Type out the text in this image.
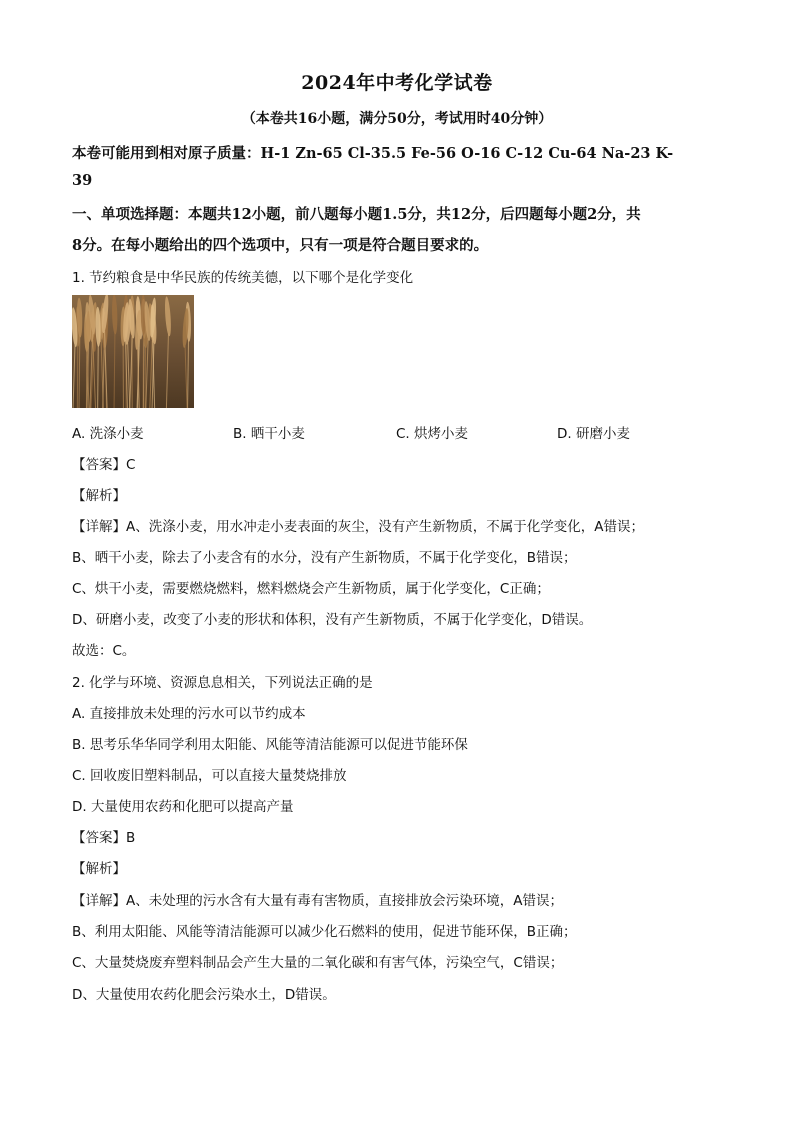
2024年中考化学试卷
（本卷共16小题，满分50分，考试用时40分钟）
本卷可能用到相对原子质量：H-1 Zn-65 Cl-35.5 Fe-56 O-16 C-12 Cu-64 Na-23 K-
39
一、单项选择题：本题共12小题，前八题每小题1.5分，共12分，后四题每小题2分，共
8分。在每小题给出的四个选项中，只有一项是符合题目要求的。
1. 节约粮食是中华民族的传统美德，以下哪个是化学变化
A. 洗涤小麦	B. 晒干小麦	C. 烘烤小麦	D. 研磨小麦
【答案】C
【解析】
【详解】A、洗涤小麦，用水冲走小麦表面的灰尘，没有产生新物质，不属于化学变化，A错误；
B、晒干小麦，除去了小麦含有的水分，没有产生新物质，不属于化学变化，B错误；
C、烘干小麦，需要燃烧燃料，燃料燃烧会产生新物质，属于化学变化，C正确；
D、研磨小麦，改变了小麦的形状和体积，没有产生新物质，不属于化学变化，D错误。
故选：C。
2. 化学与环境、资源息息相关，下列说法正确的是
A. 直接排放未处理的污水可以节约成本
B. 思考乐华华同学利用太阳能、风能等清洁能源可以促进节能环保
C. 回收废旧塑料制品，可以直接大量焚烧排放
D. 大量使用农药和化肥可以提高产量
【答案】B
【解析】
【详解】A、未处理的污水含有大量有毒有害物质，直接排放会污染环境，A错误；
B、利用太阳能、风能等清洁能源可以减少化石燃料的使用，促进节能环保，B正确；
C、大量焚烧废弃塑料制品会产生大量的二氧化碳和有害气体，污染空气，C错误；
D、大量使用农药化肥会污染水土，D错误。
